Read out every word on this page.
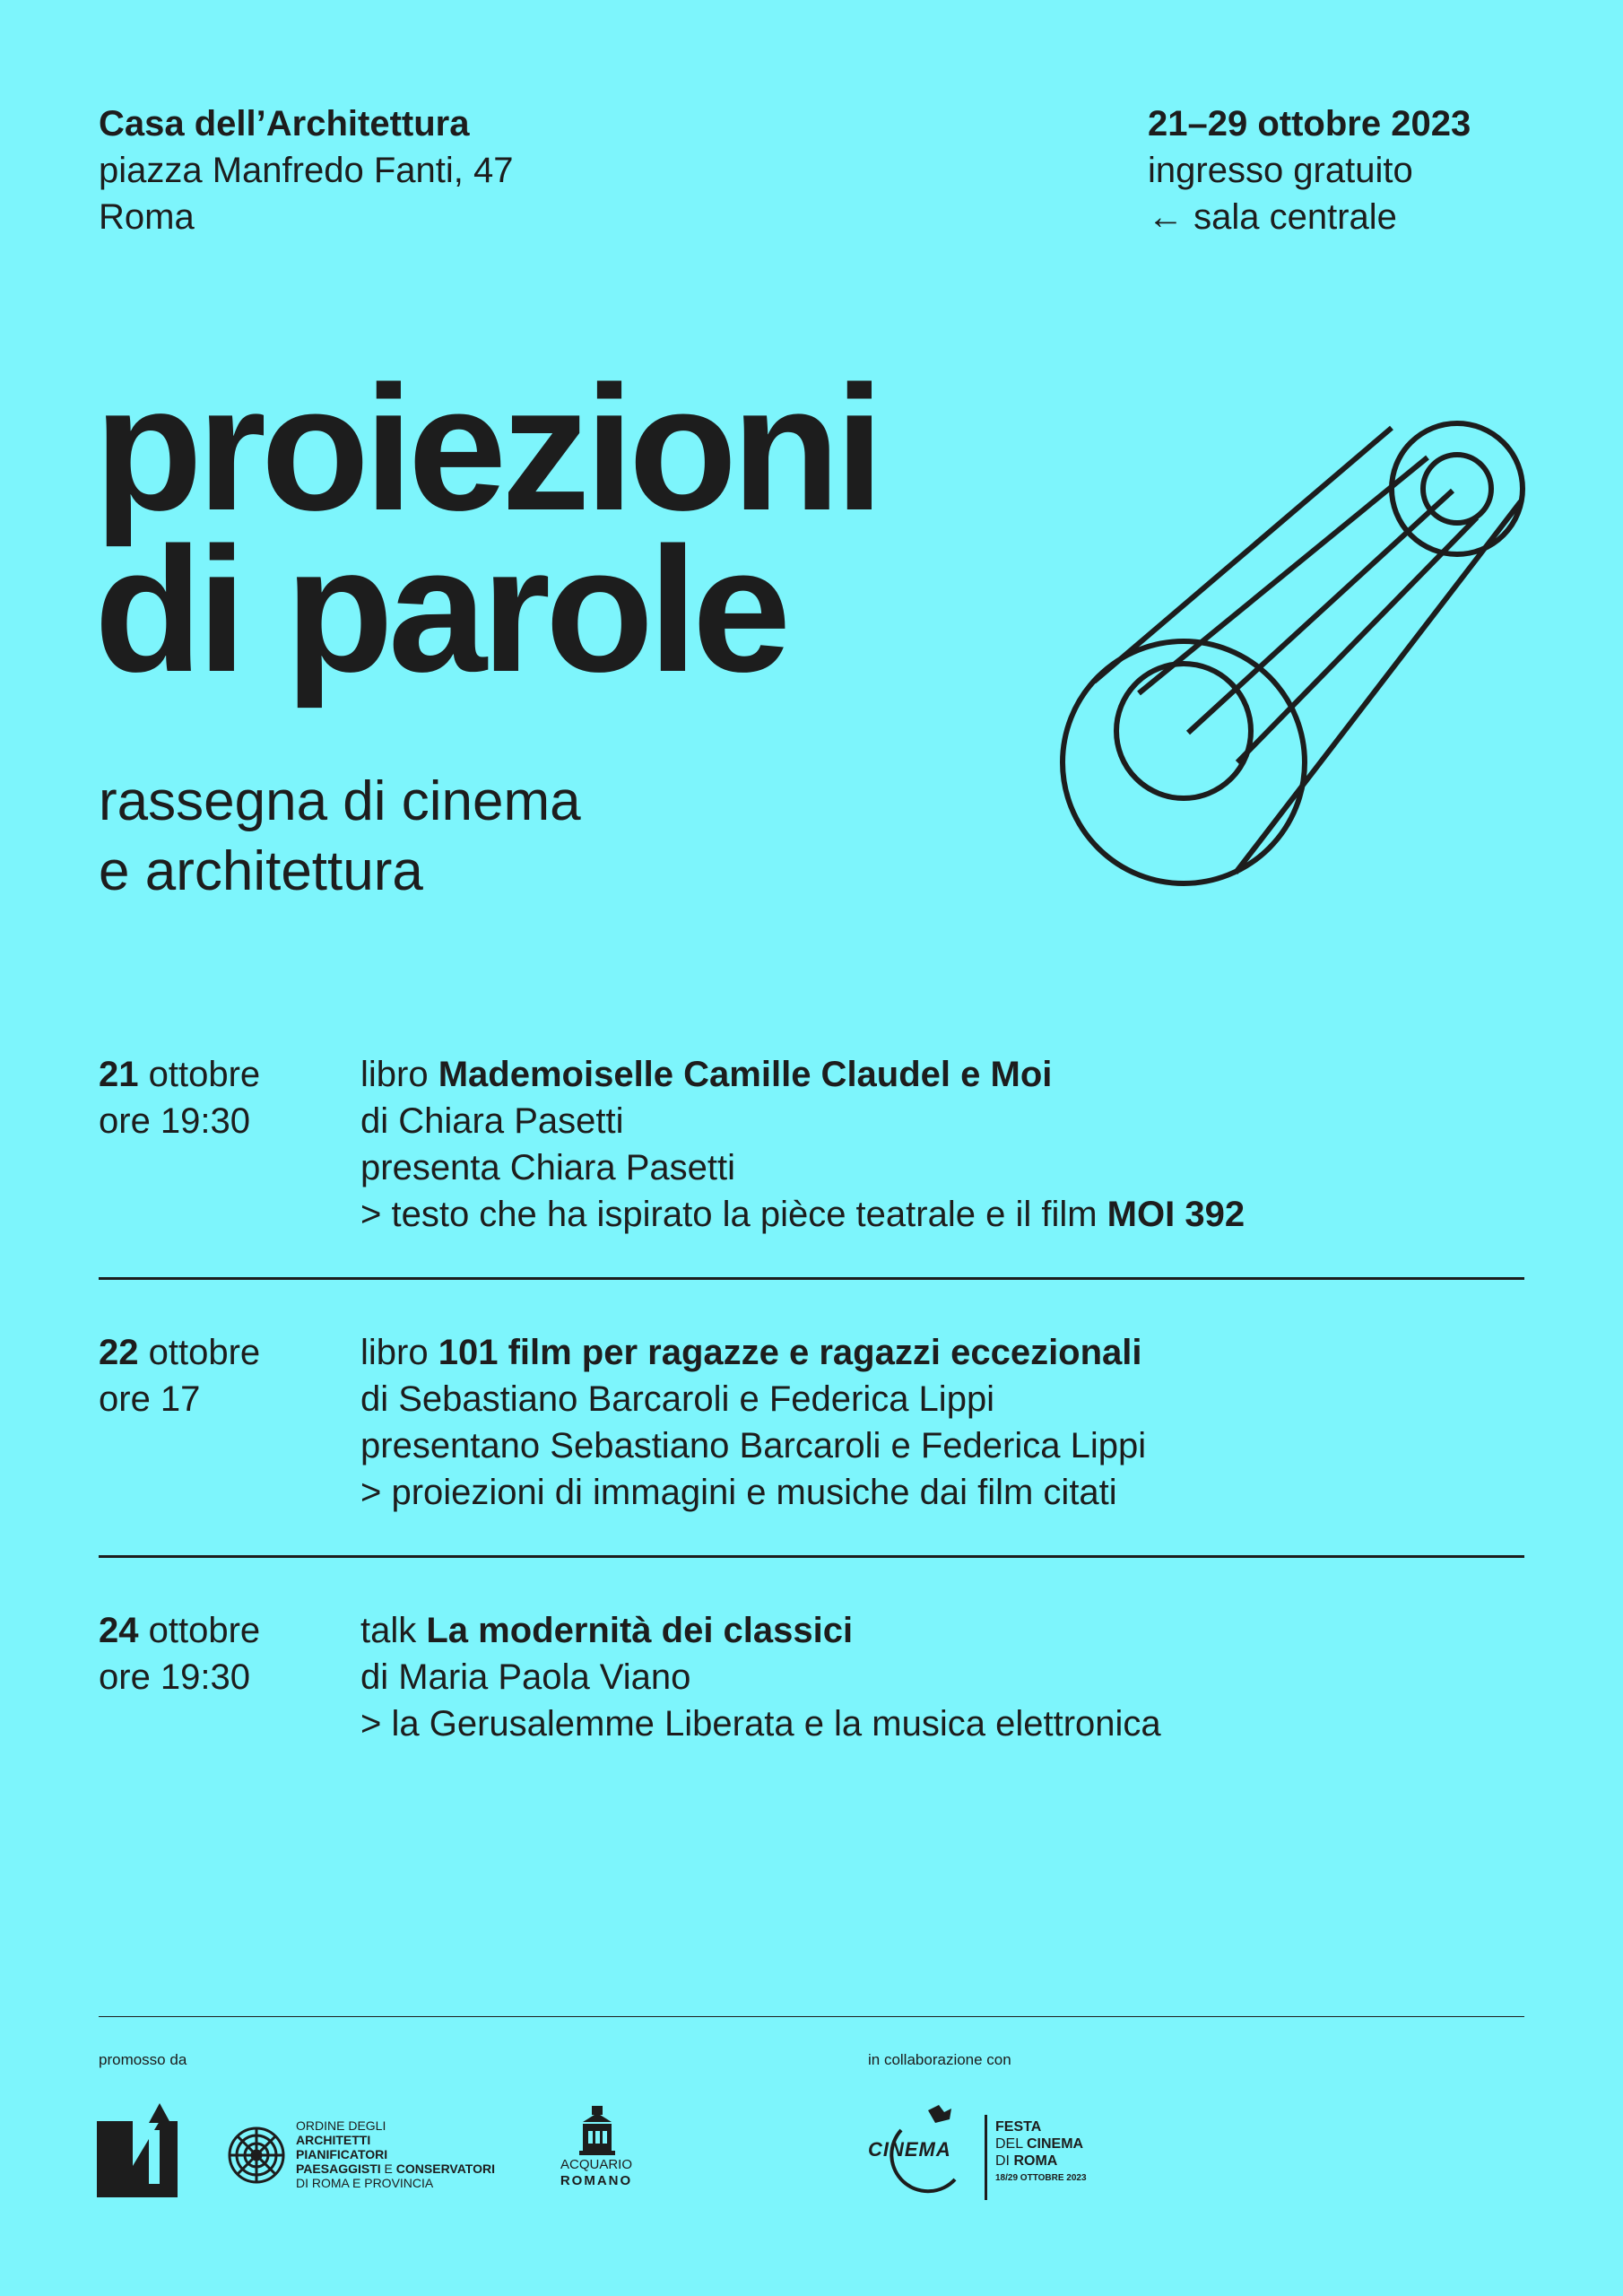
Casa dell’Architettura
piazza Manfredo Fanti, 47
Roma
21–29 ottobre 2023
ingresso gratuito
← sala centrale
proiezioni
di parole
rassegna di cinema
e architettura
21 ottobre
ore 19:30
libro Mademoiselle Camille Claudel e Moi
di Chiara Pasetti
presenta Chiara Pasetti
> testo che ha ispirato la pièce teatrale e il film MOI 392
22 ottobre
ore 17
libro 101 film per ragazze e ragazzi eccezionali
di Sebastiano Barcaroli e Federica Lippi
presentano Sebastiano Barcaroli e Federica Lippi
> proiezioni di immagini e musiche dai film citati
24 ottobre
ore 19:30
talk La modernità dei classici
di Maria Paola Viano
> la Gerusalemme Liberata e la musica elettronica
promosso da	in collaborazione con
ORDINE DEGLI
ARCHITETTI
PIANIFICATORI
PAESAGGISTI E CONSERVATORI
DI ROMA E PROVINCIA
ACQUARIO
ROMANO
CINEMA
FESTA
DEL CINEMA
DI ROMA
18/29 OTTOBRE 2023
